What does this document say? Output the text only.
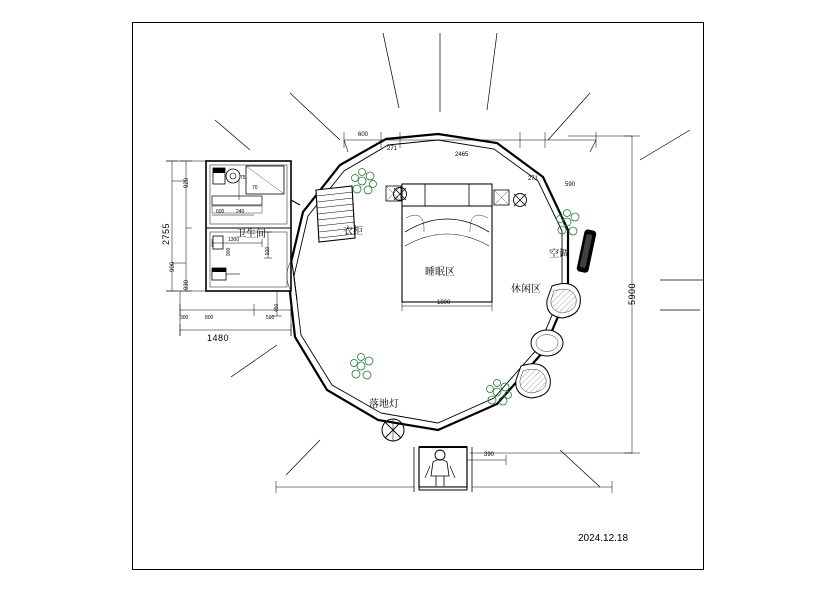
卫生间	衣柜
睡眠区
空调
休闲区
落地灯
5900
2755
1480
600
271
2465
271
590
920
900
930
1300
920
800	590
1800
390
75
70
600 240
900
450
300
2024.12.18
